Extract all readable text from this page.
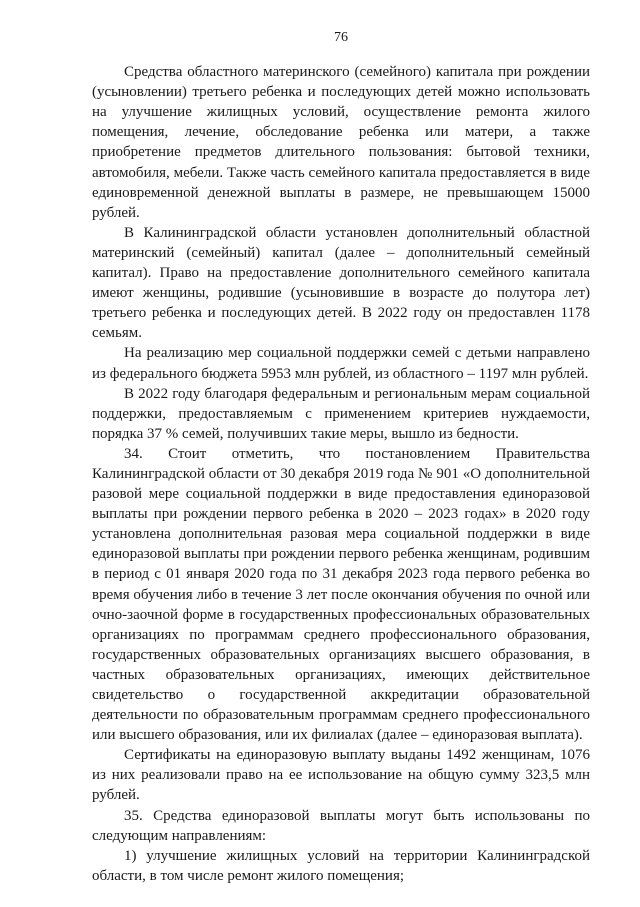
76

Средства областного материнского (семейного) капитала при рождении (усыновлении) третьего ребенка и последующих детей можно использовать на улучшение жилищных условий, осуществление ремонта жилого помещения, лечение, обследование ребенка или матери, а также приобретение предметов длительного пользования: бытовой техники, автомобиля, мебели. Также часть семейного капитала предоставляется в виде единовременной денежной выплаты в размере, не превышающем 15000 рублей.

В Калининградской области установлен дополнительный областной материнский (семейный) капитал (далее – дополнительный семейный капитал). Право на предоставление дополнительного семейного капитала имеют женщины, родившие (усыновившие в возрасте до полутора лет) третьего ребенка и последующих детей. В 2022 году он предоставлен 1178 семьям.

На реализацию мер социальной поддержки семей с детьми направлено из федерального бюджета 5953 млн рублей, из областного – 1197 млн рублей.

В 2022 году благодаря федеральным и региональным мерам социальной поддержки, предоставляемым с применением критериев нуждаемости, порядка 37 % семей, получивших такие меры, вышло из бедности.

34. Стоит отметить, что постановлением Правительства Калининградской области от 30 декабря 2019 года № 901 «О дополнительной разовой мере социальной поддержки в виде предоставления единоразовой выплаты при рождении первого ребенка в 2020 – 2023 годах» в 2020 году установлена дополнительная разовая мера социальной поддержки в виде единоразовой выплаты при рождении первого ребенка женщинам, родившим в период с 01 января 2020 года по 31 декабря 2023 года первого ребенка во время обучения либо в течение 3 лет после окончания обучения по очной или очно-заочной форме в государственных профессиональных образовательных организациях по программам среднего профессионального образования, государственных образовательных организациях высшего образования, в частных образовательных организациях, имеющих действительное свидетельство о государственной аккредитации образовательной деятельности по образовательным программам среднего профессионального или высшего образования, или их филиалах (далее – единоразовая выплата).

Сертификаты на единоразовую выплату выданы 1492 женщинам, 1076 из них реализовали право на ее использование на общую сумму 323,5 млн рублей.

35. Средства единоразовой выплаты могут быть использованы по следующим направлениям:

1) улучшение жилищных условий на территории Калининградской области, в том числе ремонт жилого помещения;
